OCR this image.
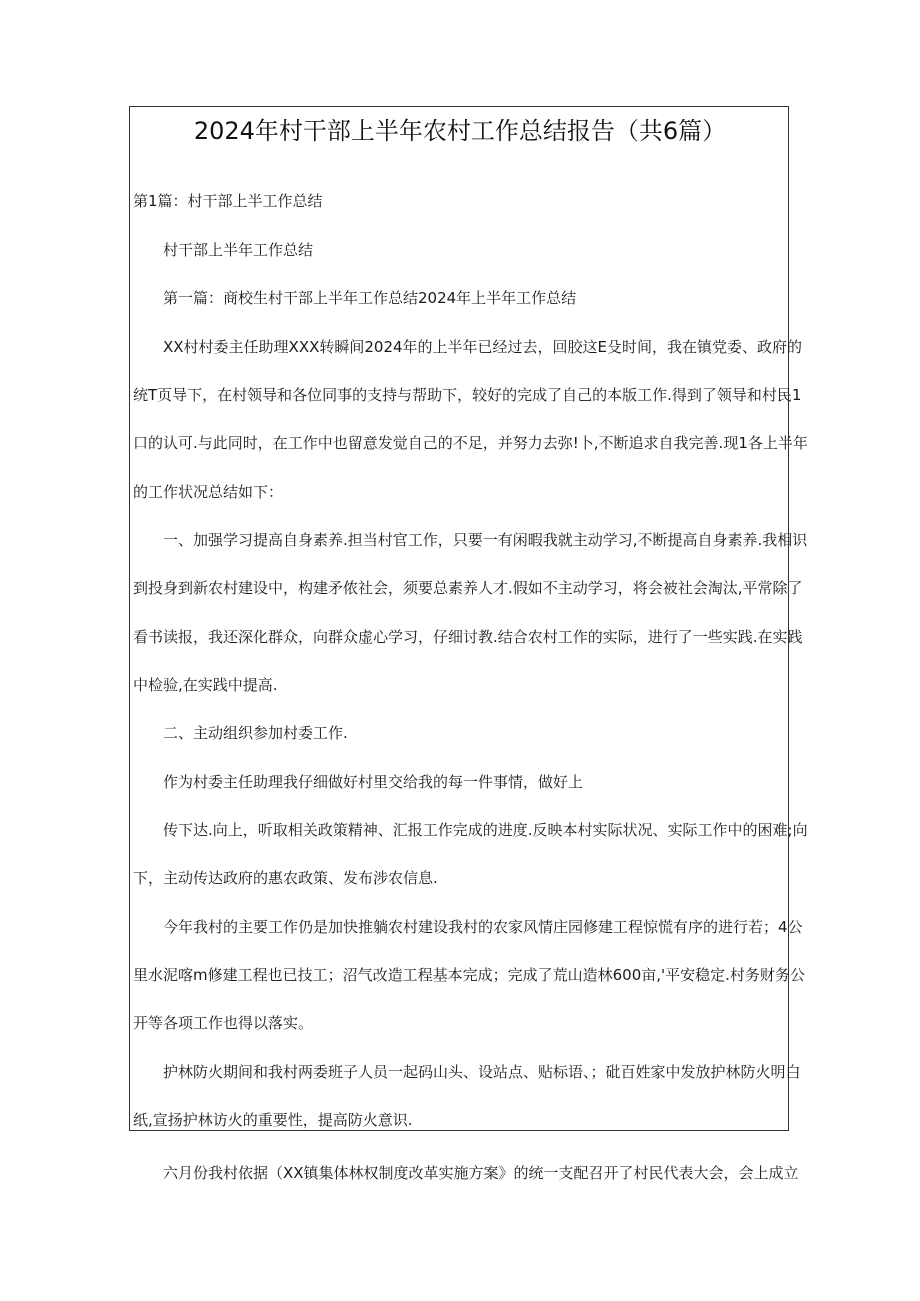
2024年村干部上半年农村工作总结报告（共6篇）
第1篇：村干部上半工作总结
村干部上半年工作总结
第一篇：商校生村干部上半年工作总结2024年上半年工作总结
XX村村委主任助理XXX转瞬间2024年的上半年已经过去，回胶这E殳时间，我在镇党委、政府的
统T页导下，在村领导和各位同事的支持与帮助下，较好的完成了自己的本版工作.得到了领导和村民1
口的认可.与此同时，在工作中也留意发觉自己的不足，并努力去弥!卜,不断追求自我完善.现1各上半年
的工作状况总结如下：
一、加强学习提高自身素养.担当村官工作，只要一有闲暇我就主动学习,不断提高自身素养.我相识
到投身到新农村建设中，构建矛侬社会，须要总素养人才.假如不主动学习，将会被社会淘汰,平常除了
看书读报，我还深化群众，向群众虚心学习，仔细讨教.结合农村工作的实际，进行了一些实践.在实践
中检验,在实践中提高.
二、主动组织参加村委工作.
作为村委主任助理我仔细做好村里交给我的每一件事情，做好上
传下达.向上，听取相关政策精神、汇报工作完成的进度.反映本村实际状况、实际工作中的困难;向
下，主动传达政府的惠农政策、发布涉农信息.
今年我村的主要工作仍是加快推躺农村建设我村的农家风情庄园修建工程惊慌有序的进行若；4公
里水泥喀m修建工程也已技工；沼气改造工程基本完成；完成了荒山造林600亩,'平安稳定.村务财务公
开等各项工作也得以落实。
护林防火期间和我村两委班子人员一起码山头、设站点、贴标语、；砒百姓家中发放护林防火明白
纸,宣扬护林访火的重要性，提高防火意识.
六月份我村依据（XX镇集体林权制度改革实施方案》的统一支配召开了村民代表大会，会上成立
